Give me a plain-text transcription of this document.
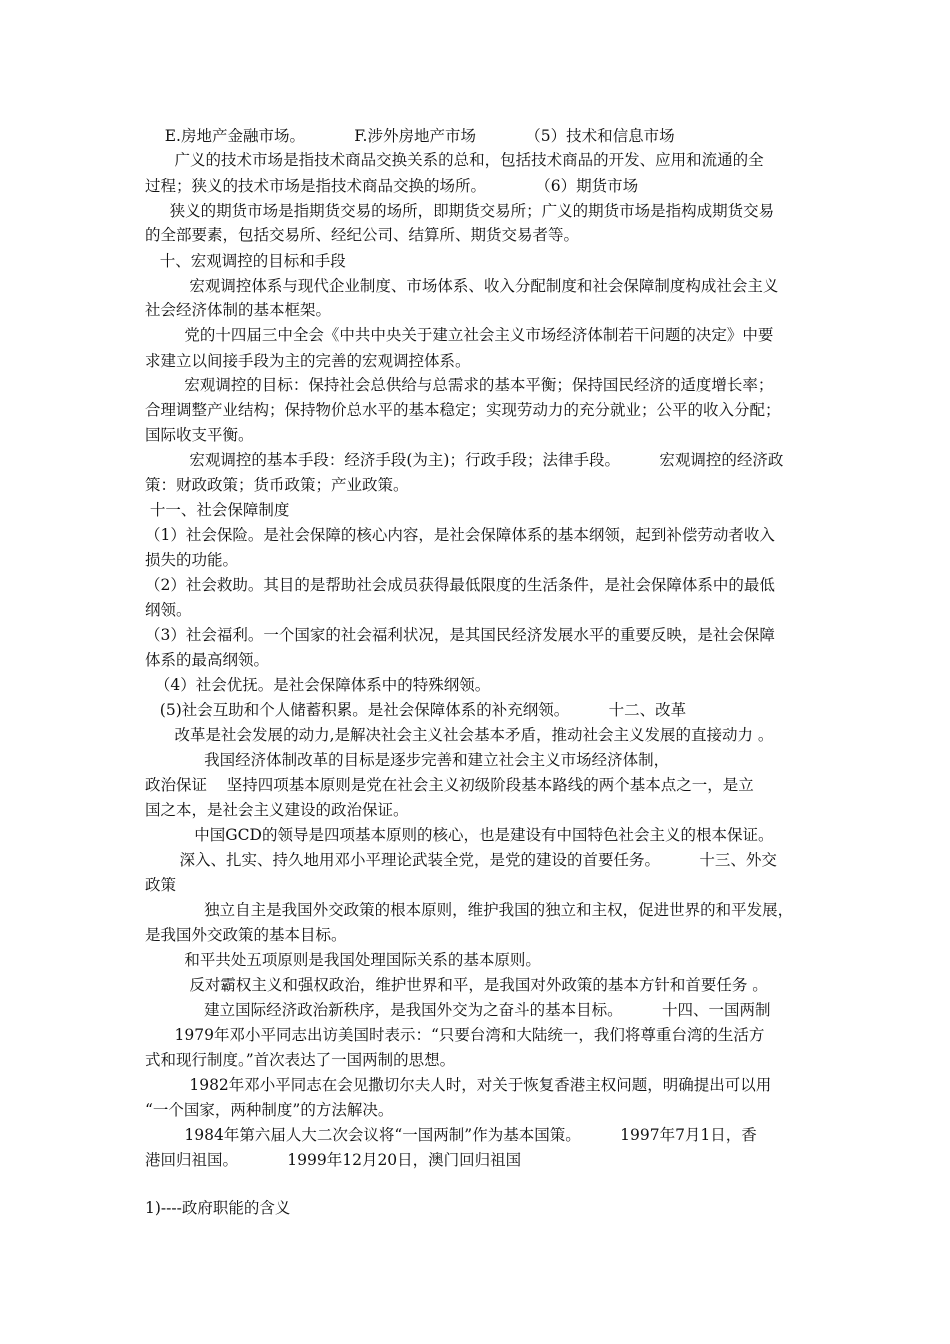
E.房地产金融市场。          F.涉外房地产市场          （5）技术和信息市场
广义的技术市场是指技术商品交换关系的总和，包括技术商品的开发、应用和流通的全
过程；狭义的技术市场是指技术商品交换的场所。          （6）期货市场
狭义的期货市场是指期货交易的场所，即期货交易所；广义的期货市场是指构成期货交易
的全部要素，包括交易所、经纪公司、结算所、期货交易者等。
十、宏观调控的目标和手段
宏观调控体系与现代企业制度、市场体系、收入分配制度和社会保障制度构成社会主义
社会经济体制的基本框架。
党的十四届三中全会《中共中央关于建立社会主义市场经济体制若干问题的决定》中要
求建立以间接手段为主的完善的宏观调控体系。
宏观调控的目标：保持社会总供给与总需求的基本平衡；保持国民经济的适度增长率；
合理调整产业结构；保持物价总水平的基本稳定；实现劳动力的充分就业；公平的收入分配；
国际收支平衡。
宏观调控的基本手段：经济手段(为主)；行政手段；法律手段。        宏观调控的经济政
策：财政政策；货币政策；产业政策。
十一、社会保障制度
（1）社会保险。是社会保障的核心内容，是社会保障体系的基本纲领，起到补偿劳动者收入
损失的功能。
（2）社会救助。其目的是帮助社会成员获得最低限度的生活条件，是社会保障体系中的最低
纲领。
（3）社会福利。一个国家的社会福利状况，是其国民经济发展水平的重要反映，是社会保障
体系的最高纲领。
（4）社会优抚。是社会保障体系中的特殊纲领。
(5)社会互助和个人储蓄积累。是社会保障体系的补充纲领。        十二、改革
改革是社会发展的动力,是解决社会主义社会基本矛盾，推动社会主义发展的直接动力 。
我国经济体制改革的目标是逐步完善和建立社会主义市场经济体制，
政治保证    坚持四项基本原则是党在社会主义初级阶段基本路线的两个基本点之一，是立
国之本，是社会主义建设的政治保证。
中国GCD的领导是四项基本原则的核心，也是建设有中国特色社会主义的根本保证。
深入、扎实、持久地用邓小平理论武装全党，是党的建设的首要任务。        十三、外交
政策
独立自主是我国外交政策的根本原则，维护我国的独立和主权，促进世界的和平发展，
是我国外交政策的基本目标。
和平共处五项原则是我国处理国际关系的基本原则。
反对霸权主义和强权政治，维护世界和平，是我国对外政策的基本方针和首要任务 。
建立国际经济政治新秩序，是我国外交为之奋斗的基本目标。        十四、一国两制
1979年邓小平同志出访美国时表示：“只要台湾和大陆统一，我们将尊重台湾的生活方
式和现行制度。”首次表达了一国两制的思想。
1982年邓小平同志在会见撒切尔夫人时，对关于恢复香港主权问题，明确提出可以用
“一个国家，两种制度”的方法解决。
1984年第六届人大二次会议将“一国两制”作为基本国策。        1997年7月1日，香
港回归祖国。          1999年12月20日，澳门回归祖国
1)----政府职能的含义
